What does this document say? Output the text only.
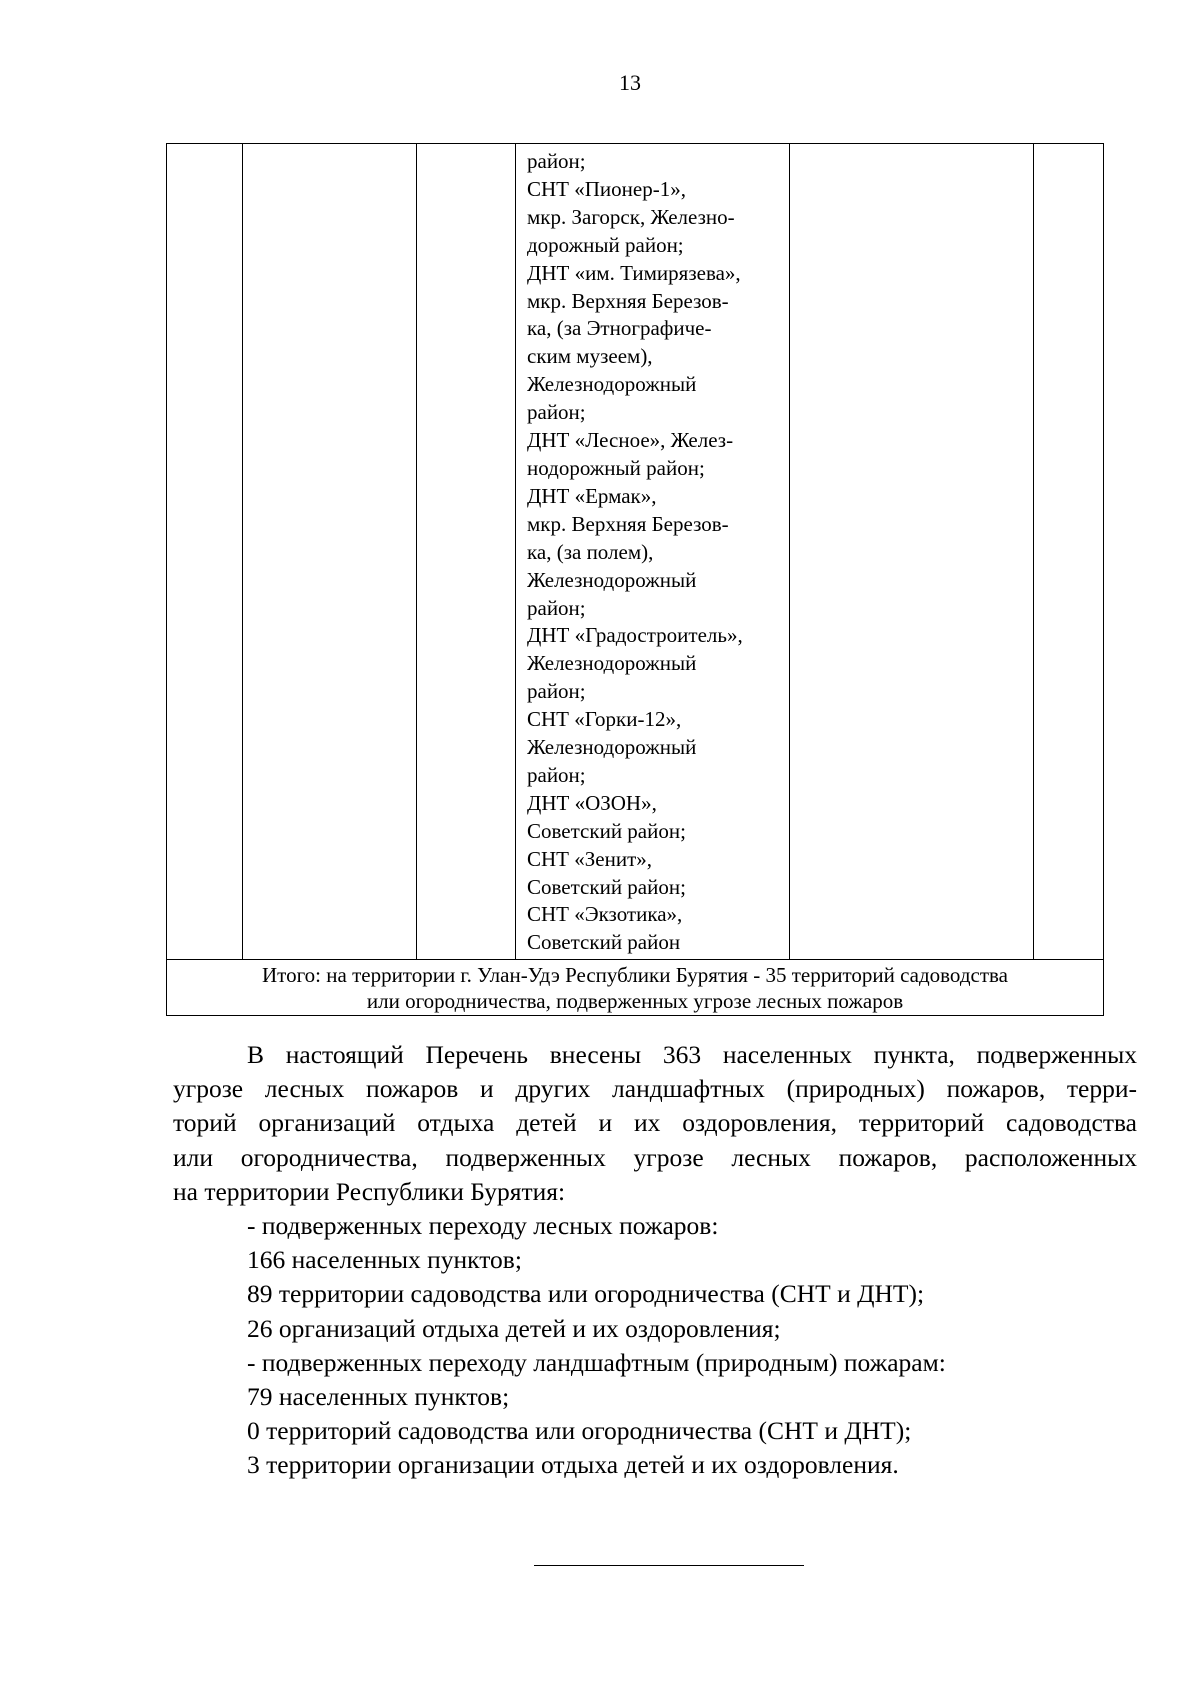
13

район;
СНТ «Пионер-1»,
мкр. Загорск, Железно-
дорожный район;
ДНТ «им. Тимирязева»,
мкр. Верхняя Березов-
ка, (за Этнографиче-
ским музеем),
Железнодорожный
район;
ДНТ «Лесное», Желез-
нодорожный район;
ДНТ «Ермак»,
мкр. Верхняя Березов-
ка, (за полем),
Железнодорожный
район;
ДНТ «Градостроитель»,
Железнодорожный
район;
СНТ «Горки-12»,
Железнодорожный
район;
ДНТ «ОЗОН»,
Советский район;
СНТ «Зенит»,
Советский район;
СНТ «Экзотика»,
Советский район

Итого: на территории г. Улан-Удэ Республики Бурятия - 35 территорий садоводства
или огородничества, подверженных угрозе лесных пожаров
В настоящий Перечень внесены 363 населенных пункта, подверженных
угрозе лесных пожаров и других ландшафтных (природных) пожаров, терри-
торий организаций отдыха детей и их оздоровления, территорий садоводства
или огородничества, подверженных угрозе лесных пожаров, расположенных
на территории Республики Бурятия:
- подверженных переходу лесных пожаров:
166 населенных пунктов;
89 территории садоводства или огородничества (СНТ и ДНТ);
26 организаций отдыха детей и их оздоровления;
- подверженных переходу ландшафтным (природным) пожарам:
79 населенных пунктов;
0 территорий садоводства или огородничества (СНТ и ДНТ);
3 территории организации отдыха детей и их оздоровления.
